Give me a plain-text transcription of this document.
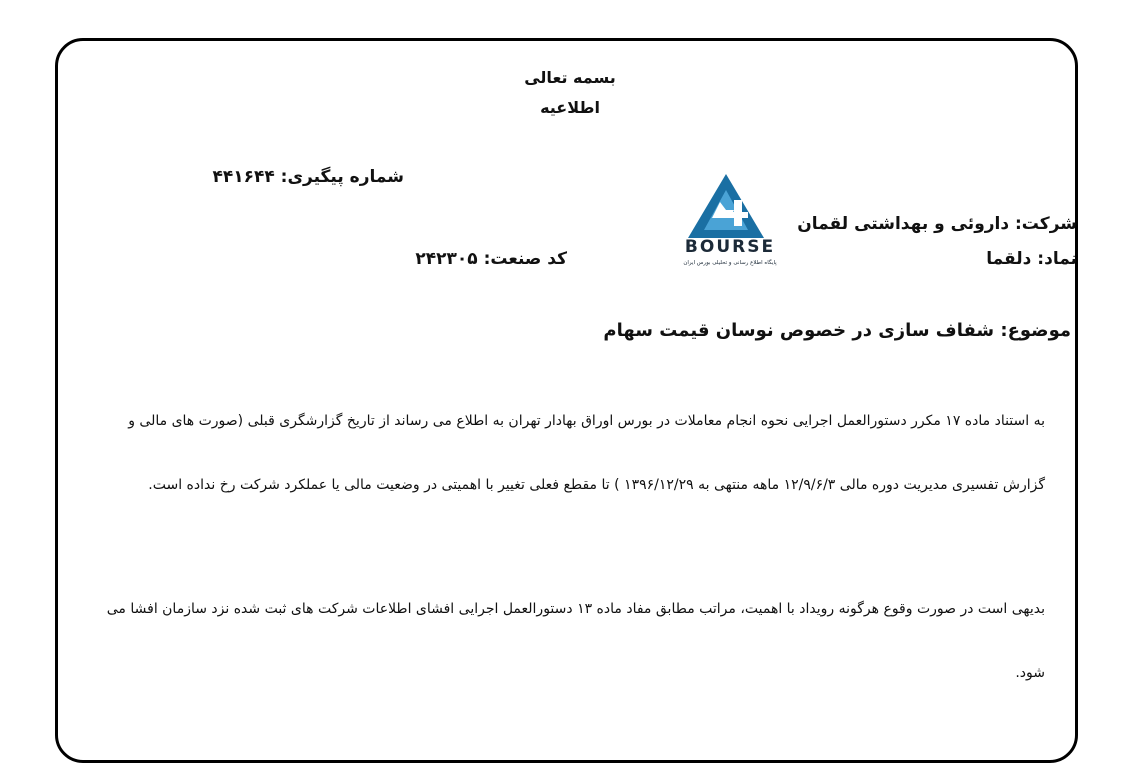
بسمه تعالی
اطلاعیه
شماره پیگیری: ۴۴۱۶۴۴
شرکت: داروئی و بهداشتی لقمان
نماد: دلقما
کد صنعت: ۲۴۲۳۰۵
BOURSE
پایگاه اطلاع رسانی و تحلیلی بورس ایران
موضوع: شفاف سازی در خصوص نوسان قیمت سهام
به استناد ماده ۱۷ مکرر دستورالعمل اجرایی نحوه انجام معاملات در بورس اوراق بهادار تهران به اطلاع می رساند از تاریخ گزارشگری قبلی (صورت های مالی و
گزارش تفسیری مدیریت دوره مالی ۱۲/۹/۶/۳ ماهه منتهی به ۱۳۹۶/۱۲/۲۹ ) تا مقطع فعلی تغییر با اهمیتی در وضعیت مالی یا عملکرد شرکت رخ نداده است.
بدیهی است در صورت وقوع هرگونه رویداد با اهمیت، مراتب مطابق مفاد ماده ۱۳ دستورالعمل اجرایی افشای اطلاعات شرکت های ثبت شده نزد سازمان افشا می
شود.
